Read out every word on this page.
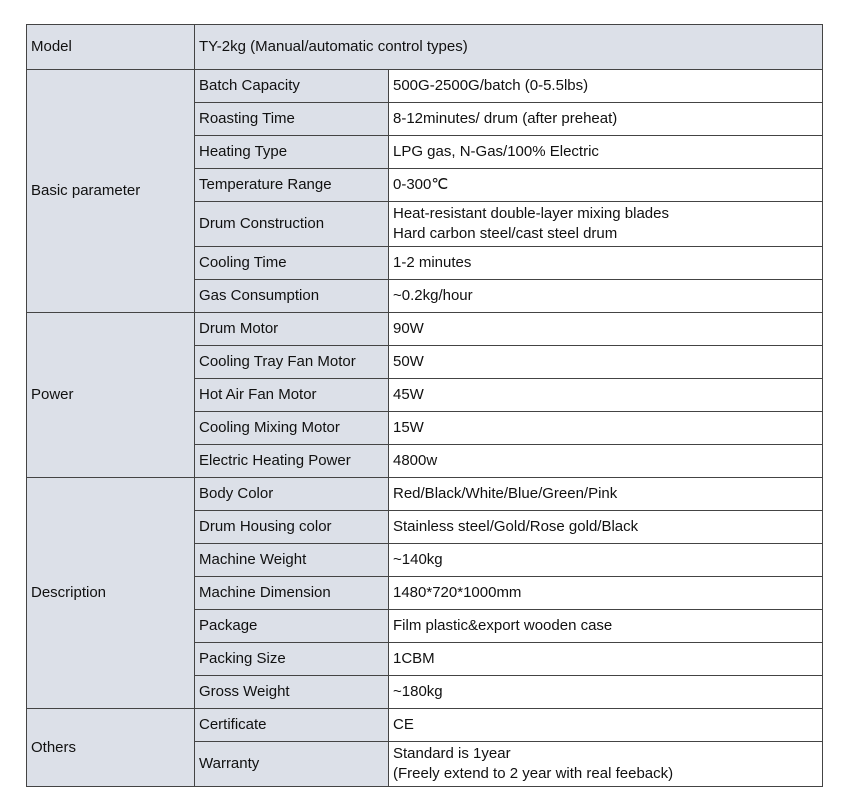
Model	TY-2kg (Manual/automatic control types)	
Basic parameter	Batch Capacity	500G-2500G/batch (0-5.5lbs)

	Roasting Time	8-12minutes/ drum (after preheat)

	Heating Type	LPG gas, N-Gas/100% Electric

	Temperature Range	0-300℃

	Drum Construction	Heat-resistant double-layer mixing blades
Hard carbon steel/cast steel drum

	Cooling Time	1-2 minutes

	Gas Consumption	~0.2kg/hour

Power	Drum Motor	90W

	Cooling Tray Fan Motor	50W

	Hot Air Fan Motor	45W

	Cooling Mixing Motor	15W

	Electric Heating Power	4800w

Description	Body Color	Red/Black/White/Blue/Green/Pink

	Drum Housing color	Stainless steel/Gold/Rose gold/Black

	Machine Weight	~140kg

	Machine Dimension	1480*720*1000mm

	Package	Film plastic&export wooden case

	Packing Size	1CBM

	Gross Weight	~180kg

Others	Certificate	CE

	Warranty	Standard is 1year
(Freely extend to 2 year with real feeback)
